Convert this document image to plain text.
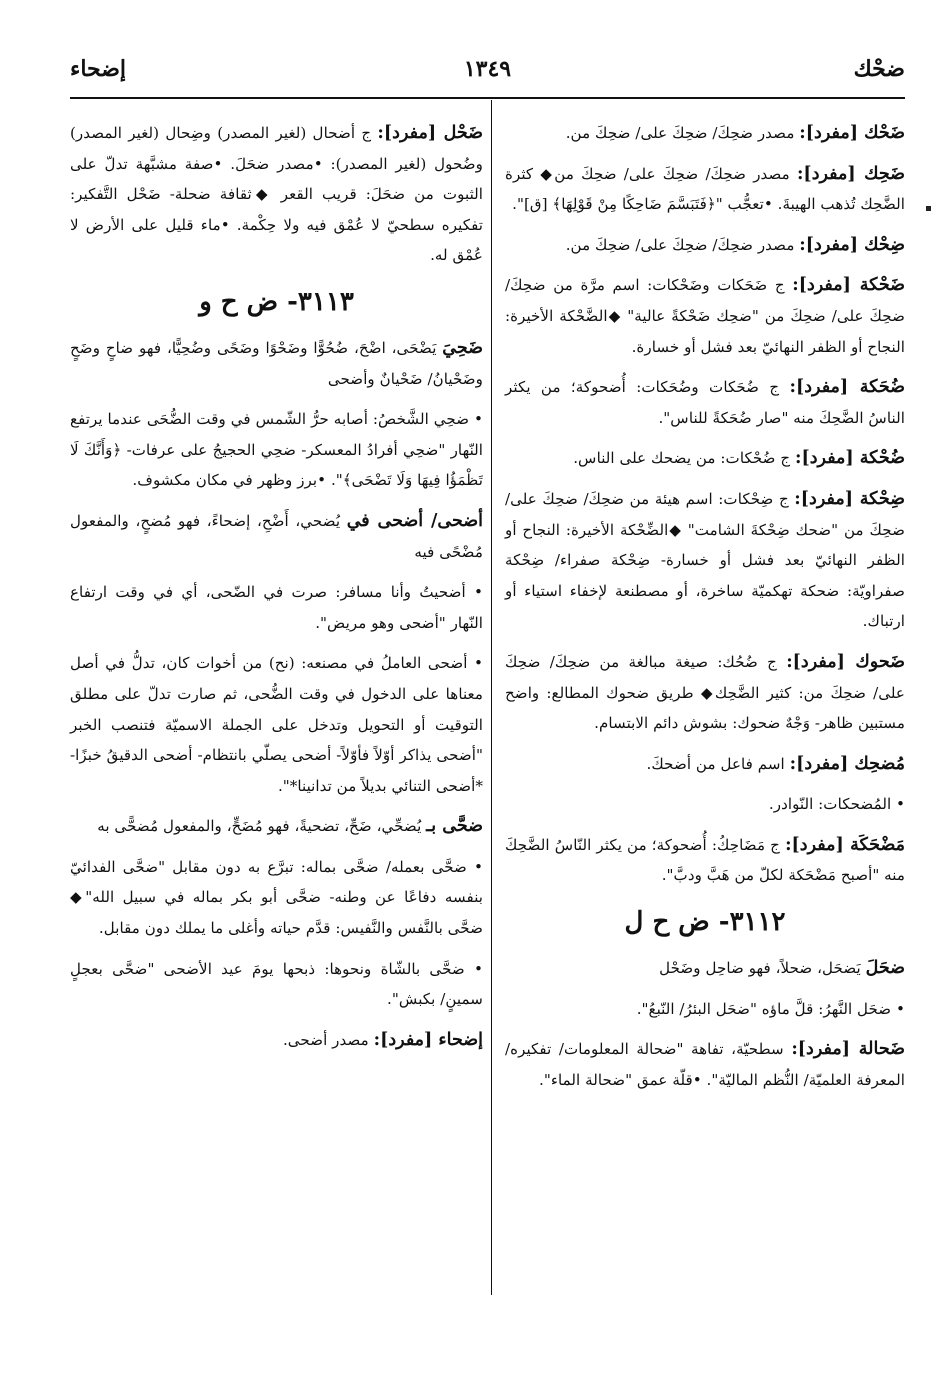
ضحْك
١٣٤٩
إضحاء
ضَحْك [مفرد]: مصدر ضحِكَ/ ضحِكَ على/ ضحِكَ من.
ضَحِك [مفرد]: مصدر ضحِكَ/ ضحِكَ على/ ضحِكَ من◆ كثرة الضَّحِك تُذهب الهيبةَ. •تعجُّب "﴿فَتَبَسَّمَ ضَاحِكًا مِنْ قَوْلِهَا﴾ [ق]".
ضِحْك [مفرد]: مصدر ضحِكَ/ ضحِكَ على/ ضحِكَ من.
ضَحْكة [مفرد]: ج ضَحَكات وضَحْكات: اسم مرَّة من ضحِكَ/ ضحِكَ على/ ضحِكَ من "ضحِك ضَحْكةً عالية" ◆الضَّحْكة الأخيرة: النجاح أو الظفر النهائيّ بعد فشل أو خسارة.
ضُحَكة [مفرد]: ج ضُحَكات وضُحَكات: أُضحوكة؛ من يكثر الناسُ الضَّحِكَ منه "صار ضُحَكةً للناس".
ضُحْكة [مفرد]: ج ضُحْكات: من يضحك على الناس.
ضِحْكة [مفرد]: ج ضِحْكات: اسم هيئة من ضحِكَ/ ضحِكَ على/ ضحِكَ من "ضحك ضِحْكةَ الشامت" ◆الضِّحْكة الأخيرة: النجاح أو الظفر النهائيّ بعد فشل أو خسارة- ضِحْكة صفراء/ ضِحْكة صفراويّة: ضحكة تهكميّة ساخرة، أو مصطنعة لإخفاء استياء أو ارتباك.
ضَحوك [مفرد]: ج ضُحُك: صيغة مبالغة من ضحِكَ/ ضحِكَ على/ ضحِكَ من: كثير الضَّحِك◆ طريق ضحوك المطالع: واضح مستبين ظاهر- وَجْهٌ ضحوك: بشوش دائم الابتسام.
مُضحِك [مفرد]: اسم فاعل من أضحكَ.
• المُضحكات: النّوادر.
مَضْحَكَة [مفرد]: ج مَضَاحِكُ: أُضحوكة؛ من يكثر النّاسُ الضَّحِكَ منه "أصبح مَضْحَكة لكلّ من هَبَّ ودبَّ".
٣١١٢- ض ح ل
ضحَلَ يَضحَل، ضحلاً، فهو ضاحِل وضَحْل
• ضحَل النَّهرُ: قلَّ ماؤه "ضحَل البئرُ/ النّبعُ".
ضَحالة [مفرد]: سطحيّة، تفاهة "ضحالة المعلومات/ تفكيره/ المعرفة العلميّة/ النُّظم الماليّة". •قلّة عمق "ضحالة الماء".
ضَحْل [مفرد]: ج أضحال (لغير المصدر) وضِحال (لغير المصدر) وضُحول (لغير المصدر): •مصدر ضحَلَ. •صفة مشبَّهة تدلّ على الثبوت من ضحَلَ: قريب القعر ◆ثقافة ضحلة- ضَحْل التَّفكير: تفكيره سطحيّ لا عُمْق فيه ولا حِكْمة. •ماء قليل على الأرض لا عُمْق له.
٣١١٣- ض ح و
ضَحِيَ يَضْحَى، اضْحَ، ضُحُوًّا وضَحْوًا وضَحًى وضُحِيًّا، فهو ضاحٍ وضَحٍ وضَحْيانُ/ ضَحْيانٌ وأضحى
• ضحِي الشَّخصُ: أصابه حرُّ الشّمس في وقت الضُّحَى عندما يرتفع النّهار "ضحِي أفرادُ المعسكر- ضحِي الحجيجُ على عرفات- ﴿وَأَنَّكَ لَا تَظْمَؤُا فِيهَا وَلَا تَضْحَى﴾". •برز وظهر في مكان مكشوف.
أضحى/ أضحى في يُضحي، أَضْحِ، إضحاءً، فهو مُضحٍ، والمفعول مُضْحًى فيه
• أضحيتُ وأنا مسافر: صرت في الضّحى، أي في وقت ارتفاع النّهار "أضحى وهو مريض".
• أضحى العاملُ في مصنعه: (نح) من أخوات كان، تدلُّ في أصل معناها على الدخول في وقت الضُّحى، ثم صارت تدلّ على مطلق التوقيت أو التحويل وتدخل على الجملة الاسميّة فتنصب الخبر "أضحى يذاكر أوّلاً فأوّلاً- أضحى يصلّي بانتظام- أضحى الدقيقُ خبزًا- *أضحى التنائي بديلاً من تدانينا*".
ضحَّى بـ يُضحِّي، ضَحِّ، تضحيةً، فهو مُضَحٍّ، والمفعول مُضحًّى به
• ضحَّى بعمله/ ضحَّى بماله: تبرَّع به دون مقابل "ضحَّى الفدائيّ بنفسه دفاعًا عن وطنه- ضحَّى أبو بكر بماله في سبيل الله"◆ ضحَّى بالنَّفس والنَّفيس: قدَّم حياته وأغلى ما يملك دون مقابل.
• ضحَّى بالشّاة ونحوها: ذبحها يومَ عيد الأضحى "ضحَّى بعجلٍ سمينٍ/ بكبش".
إضحاء [مفرد]: مصدر أضحى.
